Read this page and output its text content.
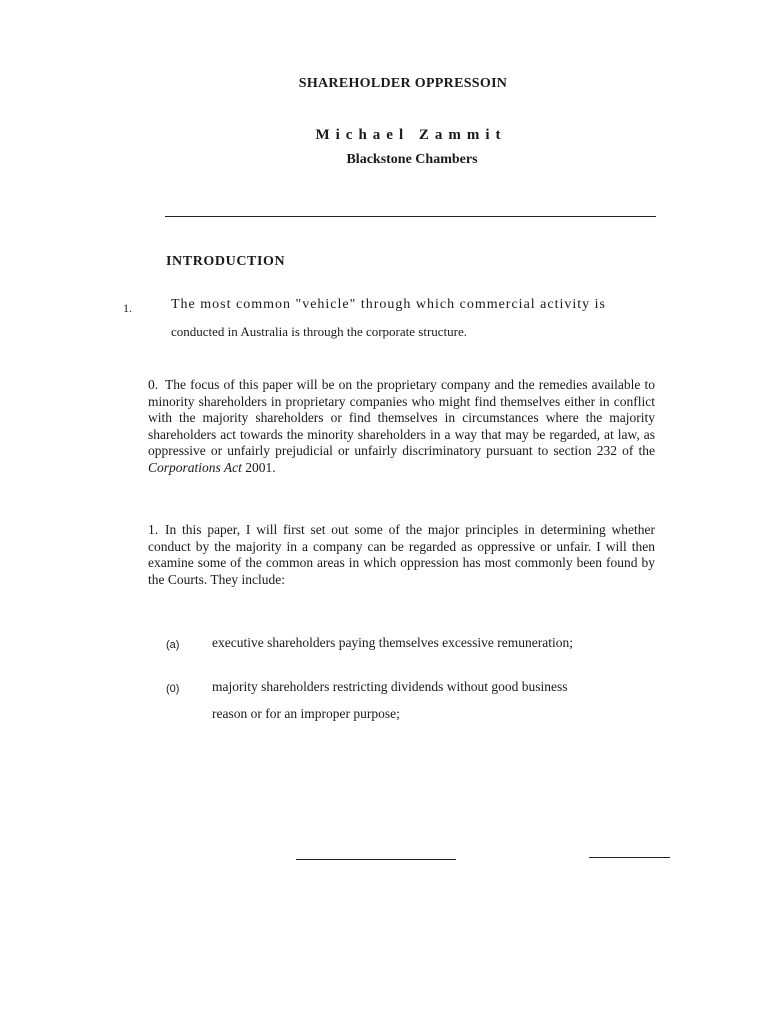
SHAREHOLDER OPPRESSOIN
Michael Zammit
Blackstone Chambers
INTRODUCTION
1.	The most common "vehicle" through which commercial activity is
conducted in Australia is through the corporate structure.

0. The focus of this paper will be on the proprietary company and the remedies available to minority shareholders in proprietary companies who might find themselves either in conflict with the majority shareholders or find themselves in circumstances where the majority shareholders act towards the minority shareholders in a way that may be regarded, at law, as oppressive or unfairly prejudicial or unfairly discriminatory pursuant to section 232 of the Corporations Act 2001.

1. In this paper, I will first set out some of the major principles in determining whether conduct by the majority in a company can be regarded as oppressive or unfair. I will then examine some of the common areas in which oppression has most commonly been found by the Courts. They include:

(a) executive shareholders paying themselves excessive remuneration;
(0) majority shareholders restricting dividends without good business
reason or for an improper purpose;
